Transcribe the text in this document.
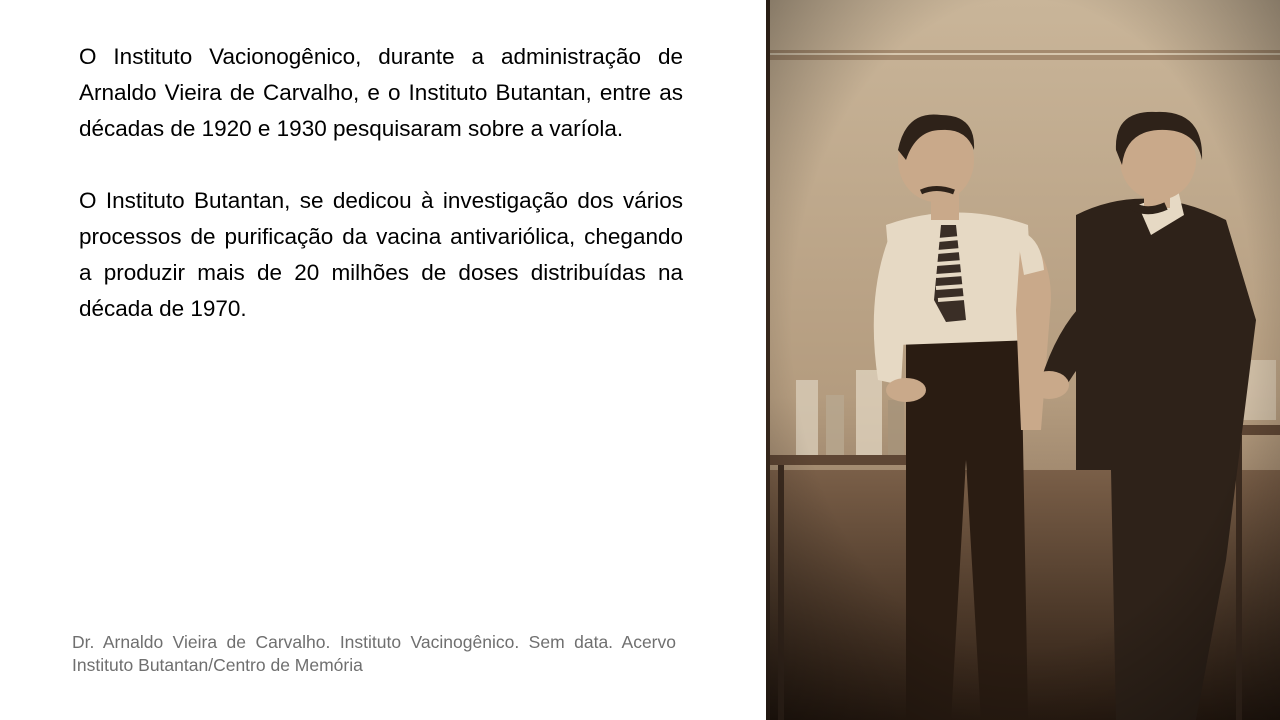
O Instituto Vacionogênico, durante a administração de Arnaldo Vieira de Carvalho, e o Instituto Butantan, entre as décadas de 1920 e 1930 pesquisaram sobre a varíola.

O Instituto Butantan, se dedicou à investigação dos vários processos de purificação da vacina antivariólica, chegando a produzir mais de 20 milhões de doses distribuídas na década de 1970.

Dr. Arnaldo Vieira de Carvalho. Instituto Vacinogênico. Sem data. Acervo Instituto Butantan/Centro de Memória
